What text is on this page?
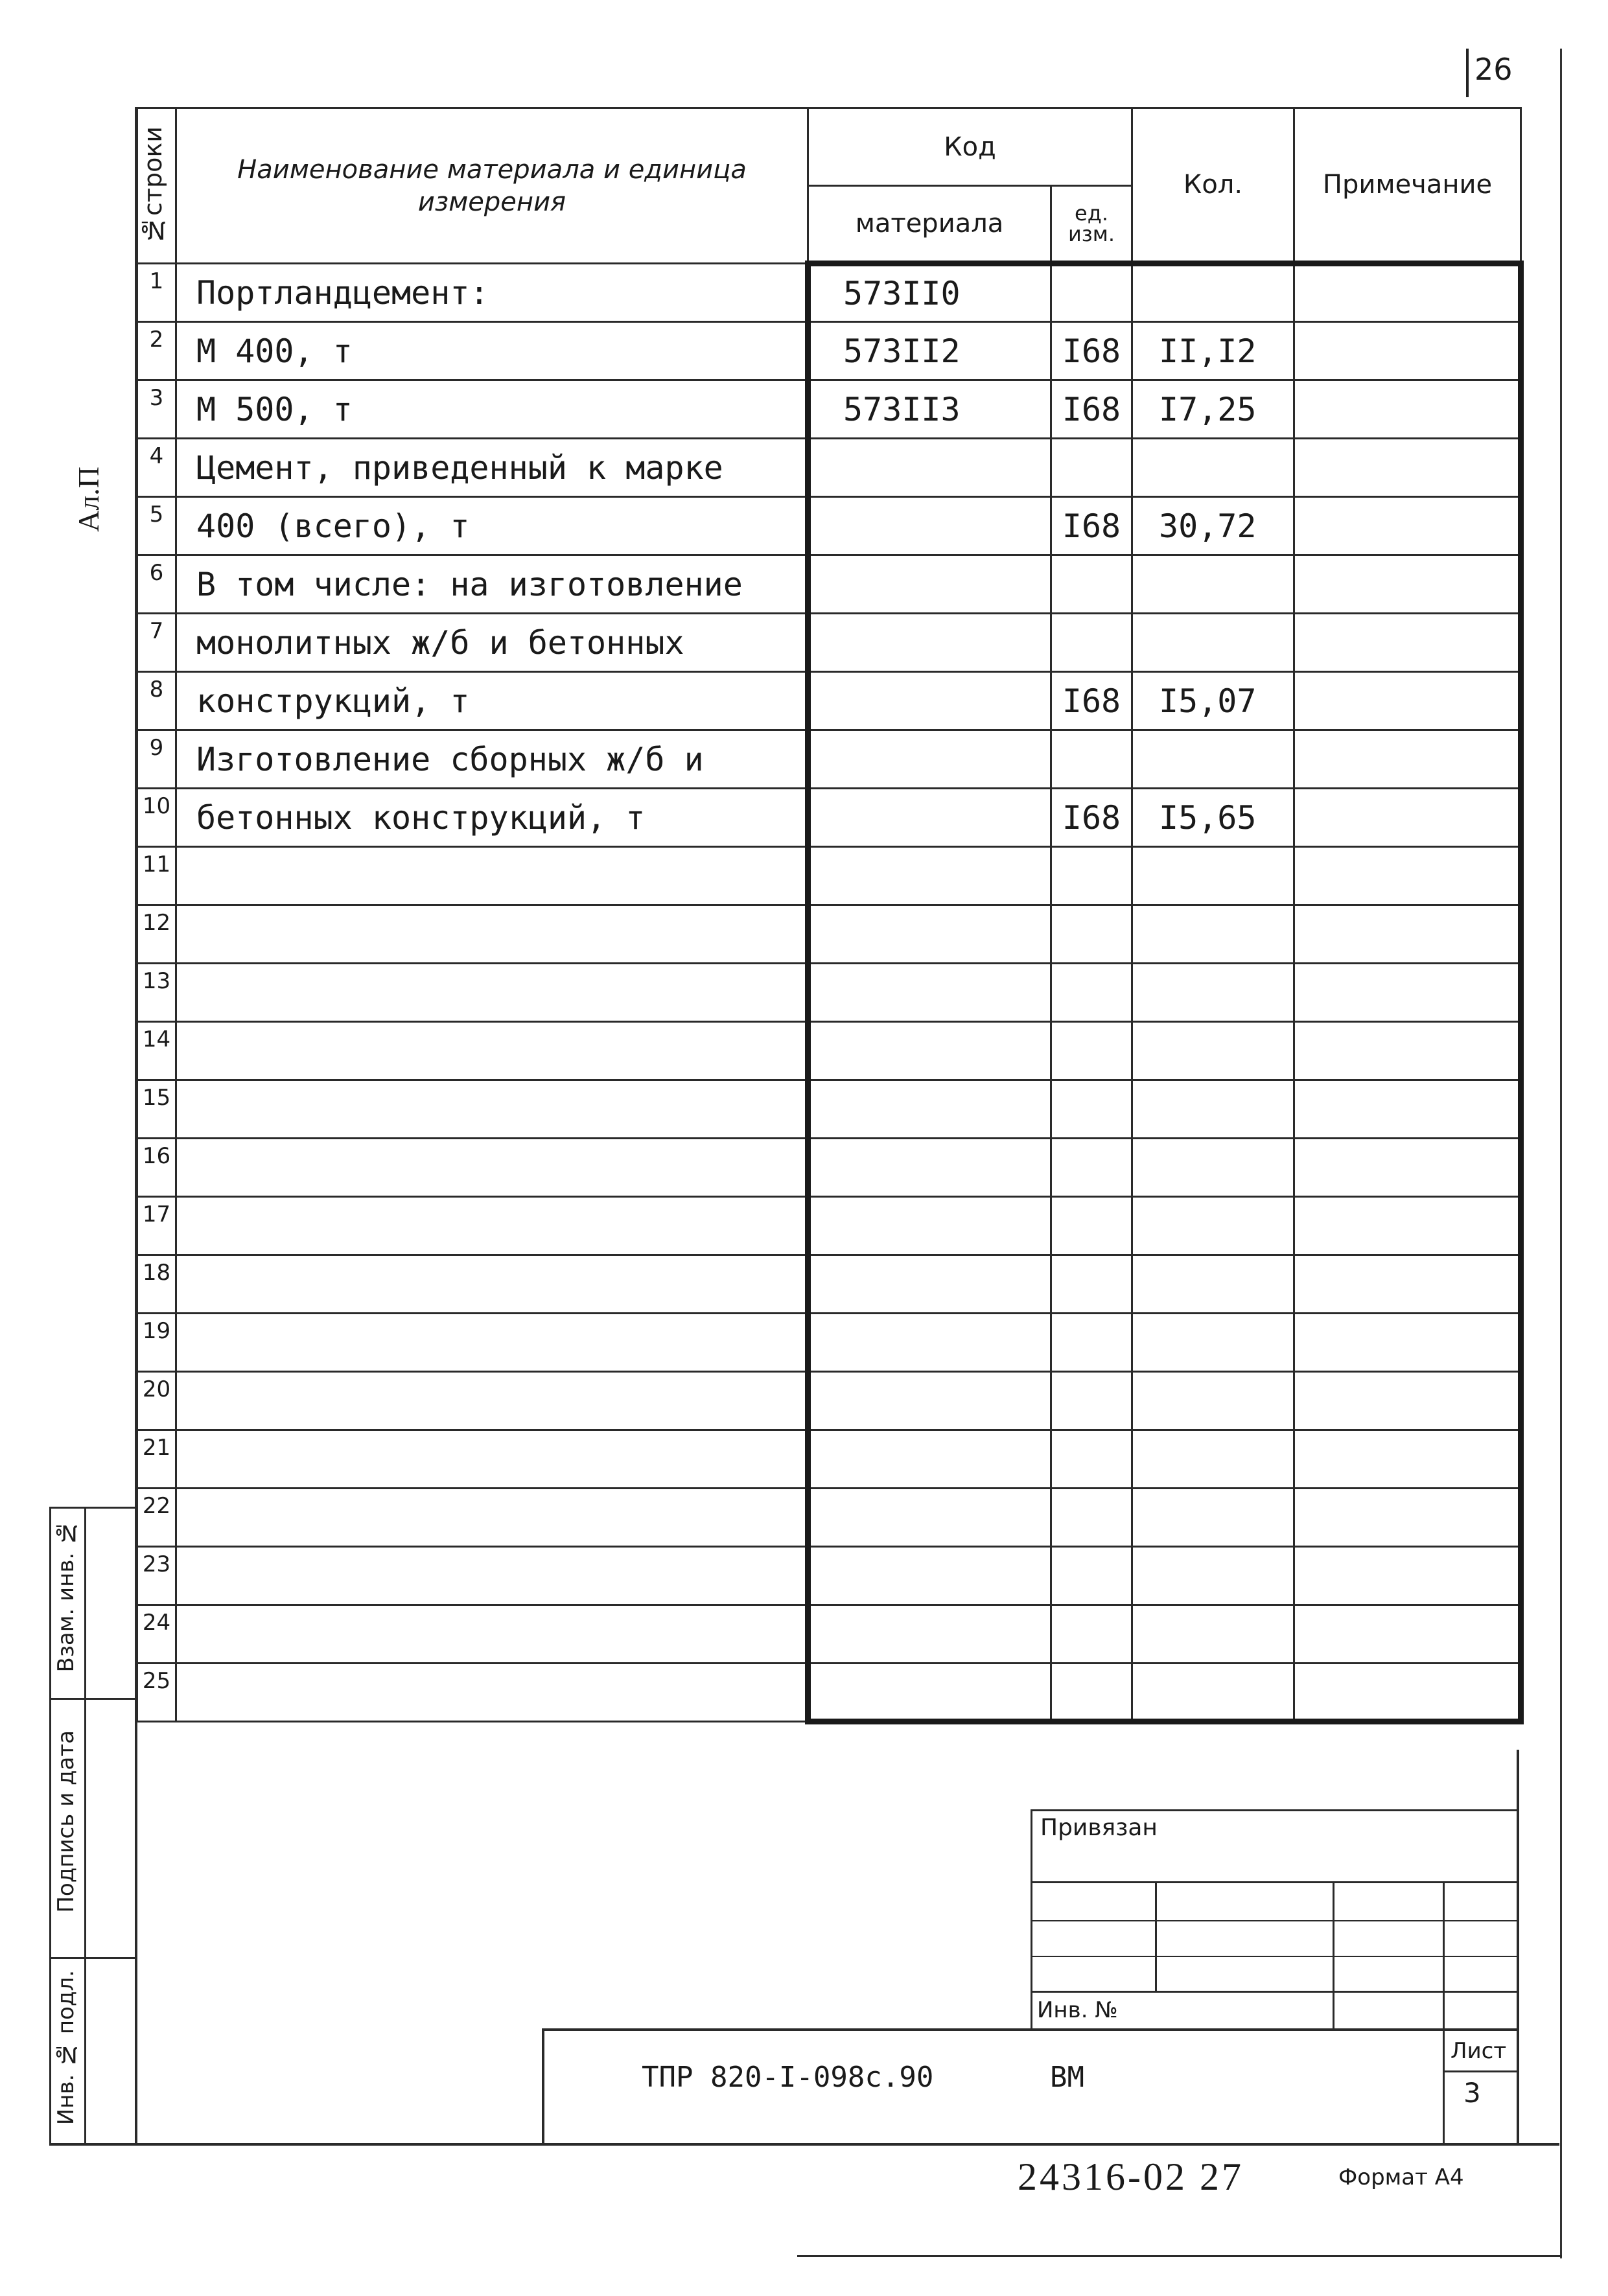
26
Ал.П
№строки	Наименование материала и единица измерения	Код		Кол.	Примечание

		материала	ед. изм.		

1	Портландцемент:	573II0			
2	М 400, т	573II2	I68	II,I2	
3	М 500, т	573II3	I68	I7,25	
4	Цемент, приведенный к марке				
5	400 (всего), т		I68	30,72	
6	В том числе: на изготовление				
7	монолитных ж/б и бетонных				
8	конструкций, т		I68	I5,07	
9	Изготовление сборных ж/б и				
10	бетонных конструкций, т		I68	I5,65	
11					
12					
13					
14					
15					
16					
17					
18					
19					
20					
21					
22					
23					
24					
25					
Взам. инв. №
Подпись и дата
Инв. № подл.
Привязан
Инв. №
ТПР 820-I-098с.90	ВМ
Лист
3
24316-02 27	Формат А4
